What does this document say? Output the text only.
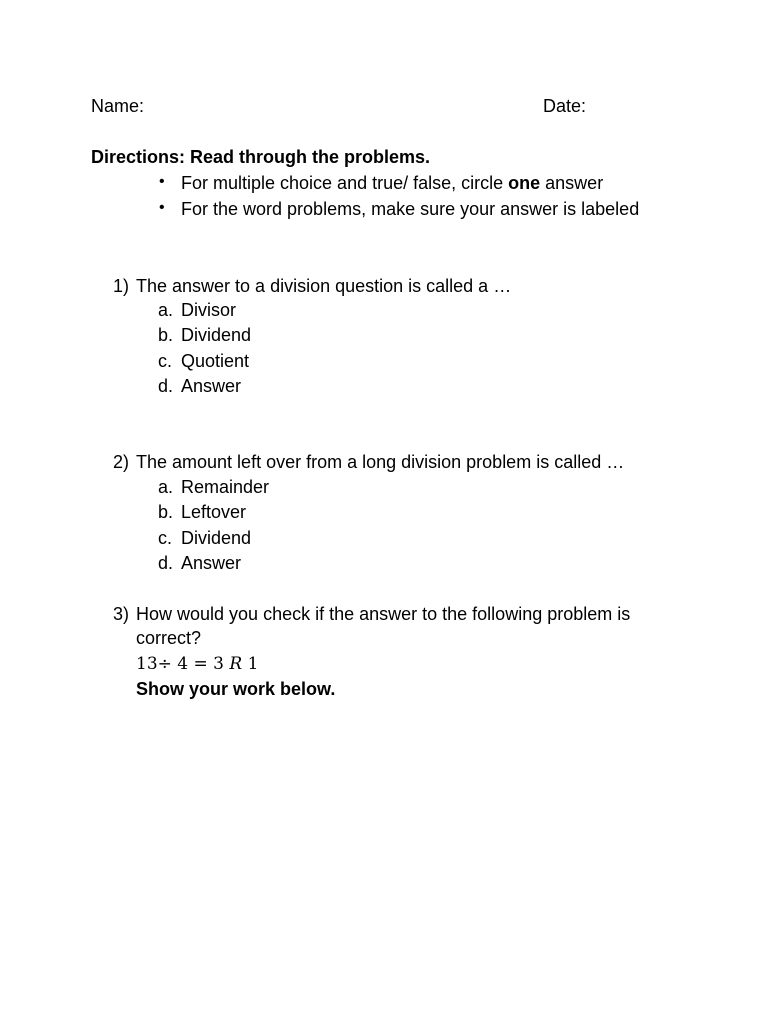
Name:	Date:
Directions: Read through the problems.
• For multiple choice and true/ false, circle one answer
• For the word problems, make sure your answer is labeled
1) The answer to a division question is called a …
a. Divisor
b. Dividend
c. Quotient
d. Answer
2) The amount left over from a long division problem is called …
a. Remainder
b. Leftover
c. Dividend
d. Answer
3) How would you check if the answer to the following problem is
correct?
13÷ 4 = 3 R 1
Show your work below.
